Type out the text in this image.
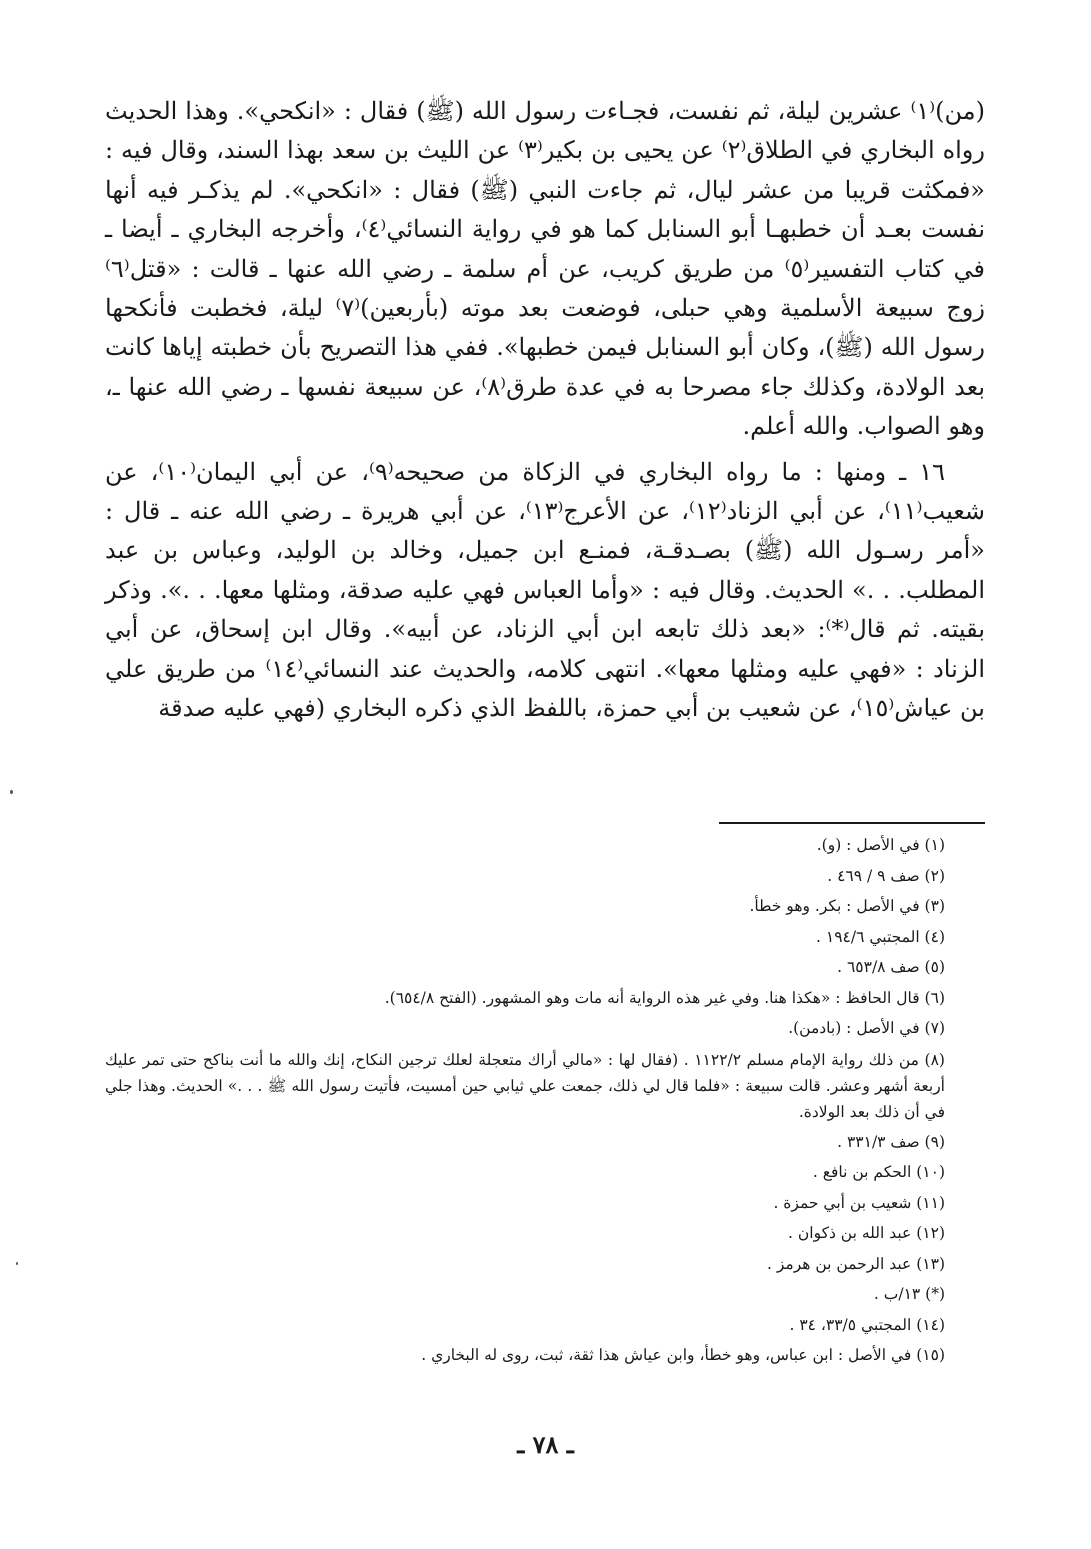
(من)⁽١⁾ عشرين ليلة، ثم نفست، فجـاءت رسول الله (ﷺ) فقال : «انكحي». وهذا الحديث رواه البخاري في الطلاق⁽٢⁾ عن يحيى بن بكير⁽٣⁾ عن الليث بن سعد بهذا السند، وقال فيه : «فمكثت قريبا من عشر ليال، ثم جاءت النبي (ﷺ) فقال : «انكحي». لم يذكـر فيه أنها نفست بعـد أن خطبهـا أبو السنابل كما هو في رواية النسائي⁽٤⁾، وأخرجه البخاري ـ أيضا ـ في كتاب التفسير⁽٥⁾ من طريق كريب، عن أم سلمة ـ رضي الله عنها ـ قالت : «قتل⁽٦⁾ زوج سبيعة الأسلمية وهي حبلى، فوضعت بعد موته (بأربعين)⁽٧⁾ ليلة، فخطبت فأنكحها رسول الله (ﷺ)، وكان أبو السنابل فيمن خطبها». ففي هذا التصريح بأن خطبته إياها كانت بعد الولادة، وكذلك جاء مصرحا به في عدة طرق⁽٨⁾، عن سبيعة نفسها ـ رضي الله عنها ـ، وهو الصواب. والله أعلم.

١٦ ـ ومنها : ما رواه البخاري في الزكاة من صحيحه⁽٩⁾، عن أبي اليمان⁽١٠⁾، عن شعيب⁽١١⁾، عن أبي الزناد⁽١٢⁾، عن الأعرج⁽١٣⁾، عن أبي هريرة ـ رضي الله عنه ـ قال : «أمر رسـول الله (ﷺ) بصـدقـة، فمنـع ابن جميل، وخالد بن الوليد، وعباس بن عبد المطلب. . .» الحديث. وقال فيه : «وأما العباس فهي عليه صدقة، ومثلها معها. . .». وذكر بقيته. ثم قال⁽*⁾: «بعد ذلك تابعه ابن أبي الزناد، عن أبيه». وقال ابن إسحاق، عن أبي الزناد : «فهي عليه ومثلها معها». انتهى كلامه، والحديث عند النسائي⁽١٤⁾ من طريق علي بن عياش⁽١٥⁾، عن شعيب بن أبي حمزة، باللفظ الذي ذكره البخاري (فهي عليه صدقة

(١) في الأصل : (و).
(٢) صف ٩ / ٤٦٩ .
(٣) في الأصل : بكر. وهو خطأ.
(٤) المجتبي ١٩٤/٦ .
(٥) صف ٦٥٣/٨ .
(٦) قال الحافظ : «هكذا هنا. وفي غير هذه الرواية أنه مات وهو المشهور. (الفتح ٦٥٤/٨).
(٧) في الأصل : (بادمن).
(٨) من ذلك رواية الإمام مسلم ١١٢٢/٢ . (فقال لها : «مالي أراك متعجلة لعلك ترجين النكاح، إنك والله ما أنت بناكح حتى تمر عليك أربعة أشهر وعشر. قالت سبيعة : «فلما قال لي ذلك، جمعت علي ثيابي حين أمسيت، فأتيت رسول الله ﷺ . . .» الحديث. وهذا جلي في أن ذلك بعد الولادة.
(٩) صف ٣٣١/٣ .
(١٠) الحكم بن نافع .
(١١) شعيب بن أبي حمزة .
(١٢) عبد الله بن ذكوان .
(١٣) عبد الرحمن بن هرمز .
(*) ١٣/ب .
(١٤) المجتبي ٣٣/٥، ٣٤ .
(١٥) في الأصل : ابن عباس، وهو خطأ، وابن عياش هذا ثقة، ثبت، روى له البخاري .
ـ ٧٨ ـ
